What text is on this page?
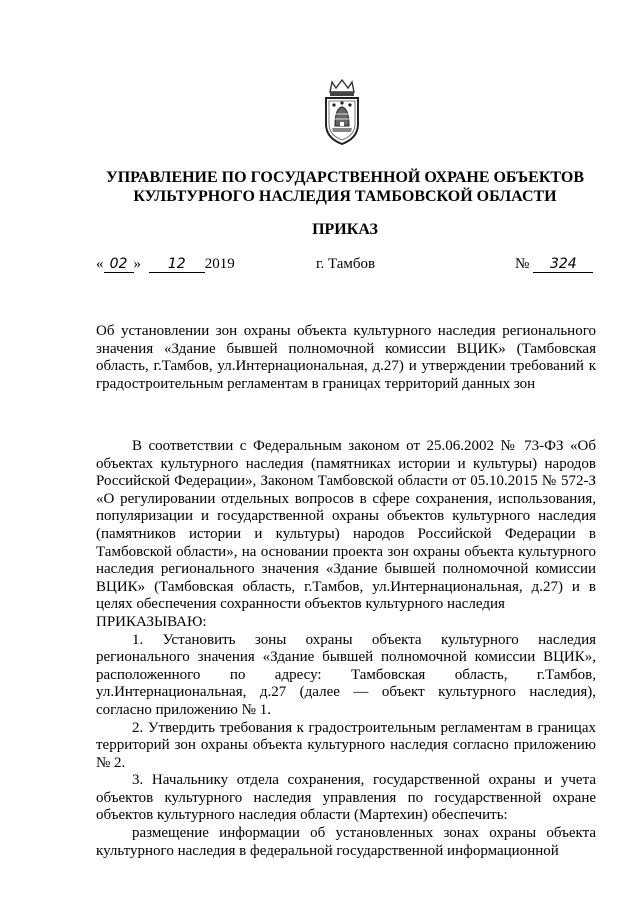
УПРАВЛЕНИЕ ПО ГОСУДАРСТВЕННОЙ ОХРАНЕ ОБЪЕКТОВ
КУЛЬТУРНОГО НАСЛЕДИЯ ТАМБОВСКОЙ ОБЛАСТИ
ПРИКАЗ
« 02 » 12 2019	г. Тамбов	№ 324
Об установлении зон охраны объекта культурного наследия регионального значения «Здание бывшей полномочной комиссии ВЦИК» (Тамбовская область, г.Тамбов, ул.Интернациональная, д.27) и утверждении требований к градостроительным регламентам в границах территорий данных зон

В соответствии с Федеральным законом от 25.06.2002 № 73-ФЗ «Об объектах культурного наследия (памятниках истории и культуры) народов Российской Федерации», Законом Тамбовской области от 05.10.2015 № 572-З «О регулировании отдельных вопросов в сфере сохранения, использования, популяризации и государственной охраны объектов культурного наследия (памятников истории и культуры) народов Российской Федерации в Тамбовской области», на основании проекта зон охраны объекта культурного наследия регионального значения «Здание бывшей полномочной комиссии ВЦИК» (Тамбовская область, г.Тамбов, ул.Интернациональная, д.27) и в целях обеспечения сохранности объектов культурного наследия

ПРИКАЗЫВАЮ:

1. Установить зоны охраны объекта культурного наследия регионального значения «Здание бывшей полномочной комиссии ВЦИК», расположенного по адресу: Тамбовская область, г.Тамбов, ул.Интернациональная, д.27 (далее — объект культурного наследия), согласно приложению № 1.

2. Утвердить требования к градостроительным регламентам в границах территорий зон охраны объекта культурного наследия согласно приложению № 2.

3. Начальнику отдела сохранения, государственной охраны и учета объектов культурного наследия управления по государственной охране объектов культурного наследия области (Мартехин) обеспечить:

размещение информации об установленных зонах охраны объекта культурного наследия в федеральной государственной информационной
